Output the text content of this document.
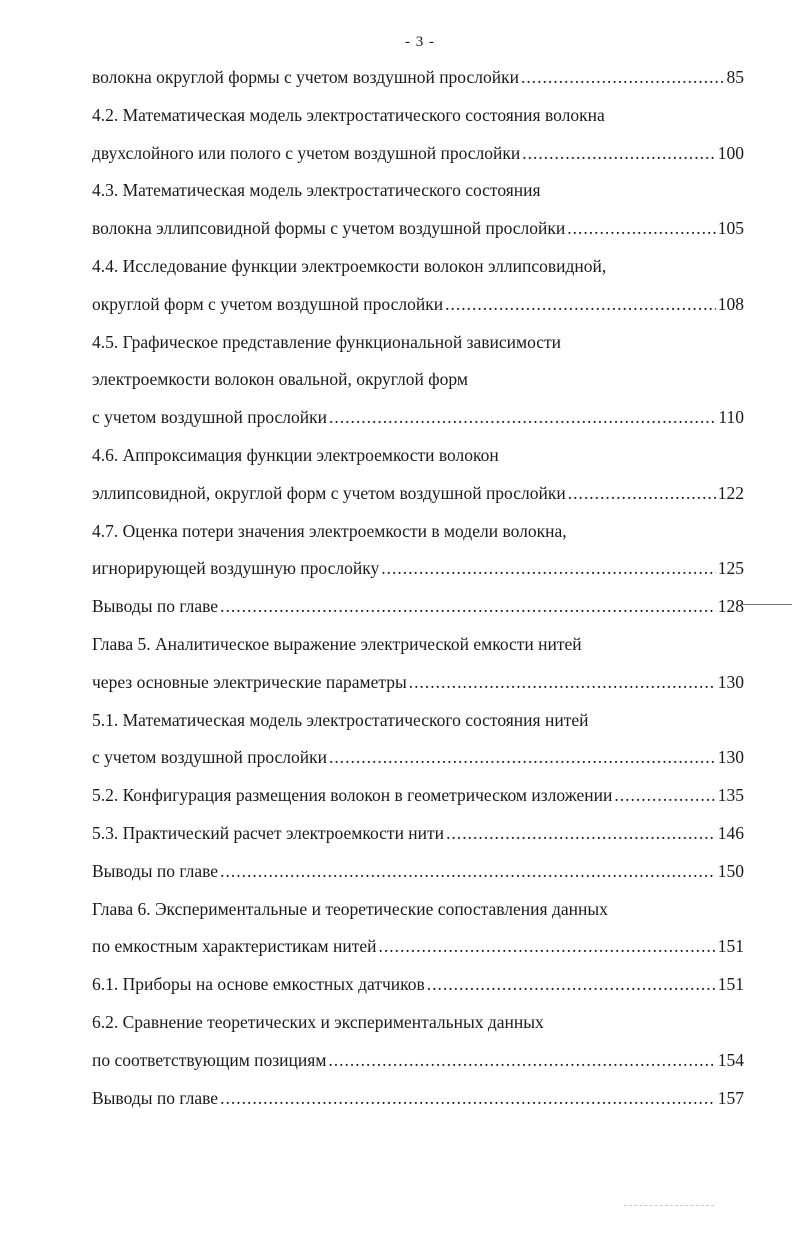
- 3 -
волокна округлой формы с учетом воздушной прослойки .....	85
4.2. Математическая модель электростатического состояния волокна
двухслойного или полого с учетом воздушной прослойки .....	100
4.3. Математическая модель электростатического состояния
волокна эллипсовидной формы с учетом воздушной прослойки .....	105
4.4. Исследование функции электроемкости волокон эллипсовидной,
округлой форм с учетом воздушной прослойки .....	108
4.5. Графическое представление функциональной зависимости
электроемкости волокон овальной, округлой форм
с учетом воздушной прослойки .....	110
4.6. Аппроксимация функции электроемкости волокон
эллипсовидной, округлой форм с учетом воздушной прослойки .....	122
4.7. Оценка потери значения электроемкости в модели волокна,
игнорирующей воздушную прослойку .....	125
Выводы по главе .....	128
Глава 5. Аналитическое выражение электрической емкости нитей
через основные электрические параметры .....	130
5.1. Математическая модель электростатического состояния нитей
с учетом воздушной прослойки .....	130
5.2. Конфигурация размещения волокон в геометрическом изложении .....	135
5.3. Практический расчет электроемкости нити .....	146
Выводы по главе .....	150
Глава 6. Экспериментальные и теоретические сопоставления данных
по емкостным характеристикам нитей .....	151
6.1. Приборы на основе емкостных датчиков .....	151
6.2. Сравнение теоретических и экспериментальных данных
по соответствующим позициям .....	154
Выводы по главе .....	157
